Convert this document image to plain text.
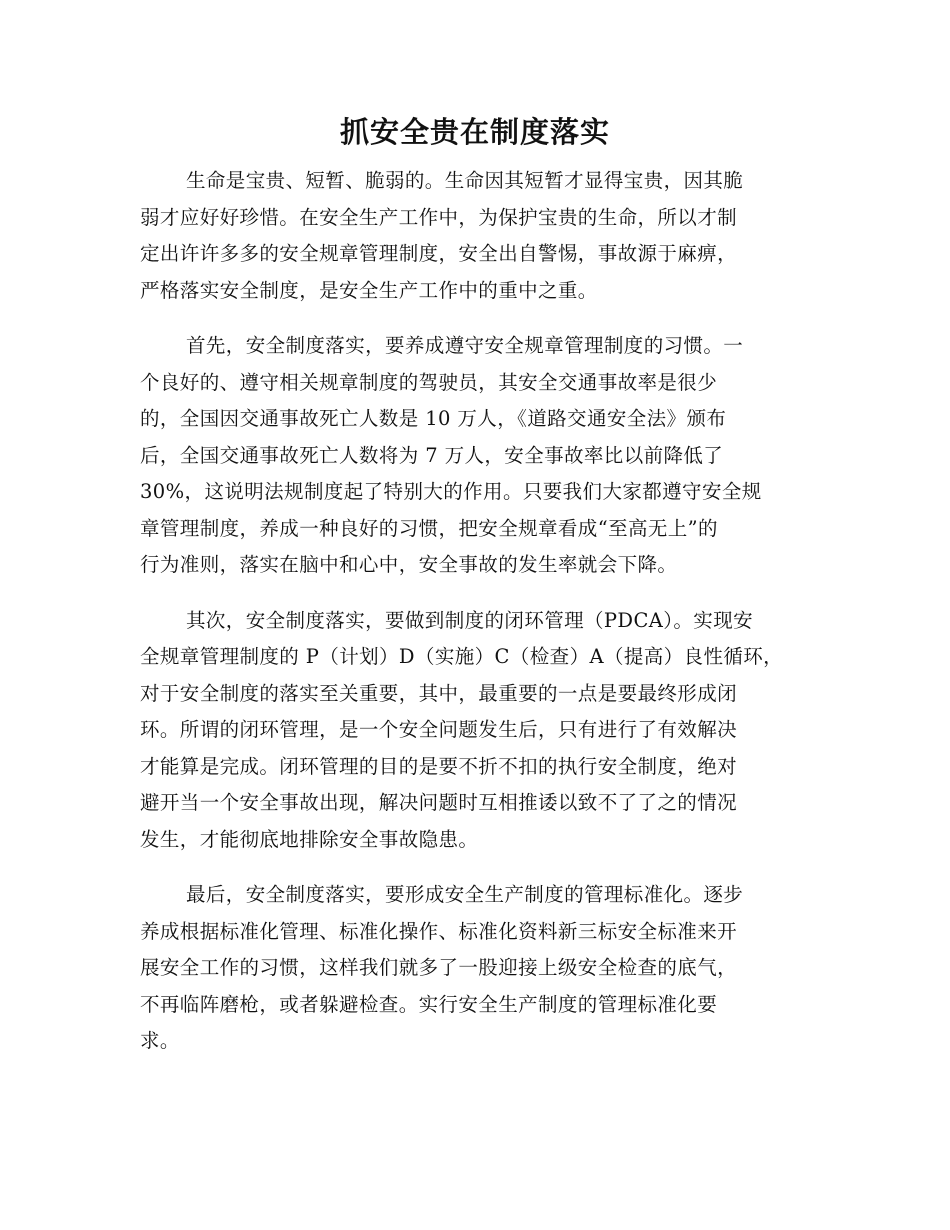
抓安全贵在制度落实
生命是宝贵、短暂、脆弱的。生命因其短暂才显得宝贵，因其脆
弱才应好好珍惜。在安全生产工作中，为保护宝贵的生命，所以才制
定出许许多多的安全规章管理制度，安全出自警惕，事故源于麻痹，
严格落实安全制度，是安全生产工作中的重中之重。
首先，安全制度落实，要养成遵守安全规章管理制度的习惯。一
个良好的、遵守相关规章制度的驾驶员，其安全交通事故率是很少
的，全国因交通事故死亡人数是 10 万人，《道路交通安全法》颁布
后，全国交通事故死亡人数将为 7 万人，安全事故率比以前降低了
30%，这说明法规制度起了特别大的作用。只要我们大家都遵守安全规
章管理制度，养成一种良好的习惯，把安全规章看成“至高无上”的
行为准则，落实在脑中和心中，安全事故的发生率就会下降。
其次，安全制度落实，要做到制度的闭环管理（PDCA）。实现安
全规章管理制度的 P（计划）D（实施）C（检查）A（提高）良性循环，
对于安全制度的落实至关重要，其中，最重要的一点是要最终形成闭
环。所谓的闭环管理，是一个安全问题发生后，只有进行了有效解决
才能算是完成。闭环管理的目的是要不折不扣的执行安全制度，绝对
避开当一个安全事故出现，解决问题时互相推诿以致不了了之的情况
发生，才能彻底地排除安全事故隐患。
最后，安全制度落实，要形成安全生产制度的管理标准化。逐步
养成根据标准化管理、标准化操作、标准化资料新三标安全标准来开
展安全工作的习惯，这样我们就多了一股迎接上级安全检查的底气，
不再临阵磨枪，或者躲避检查。实行安全生产制度的管理标准化要
求。
